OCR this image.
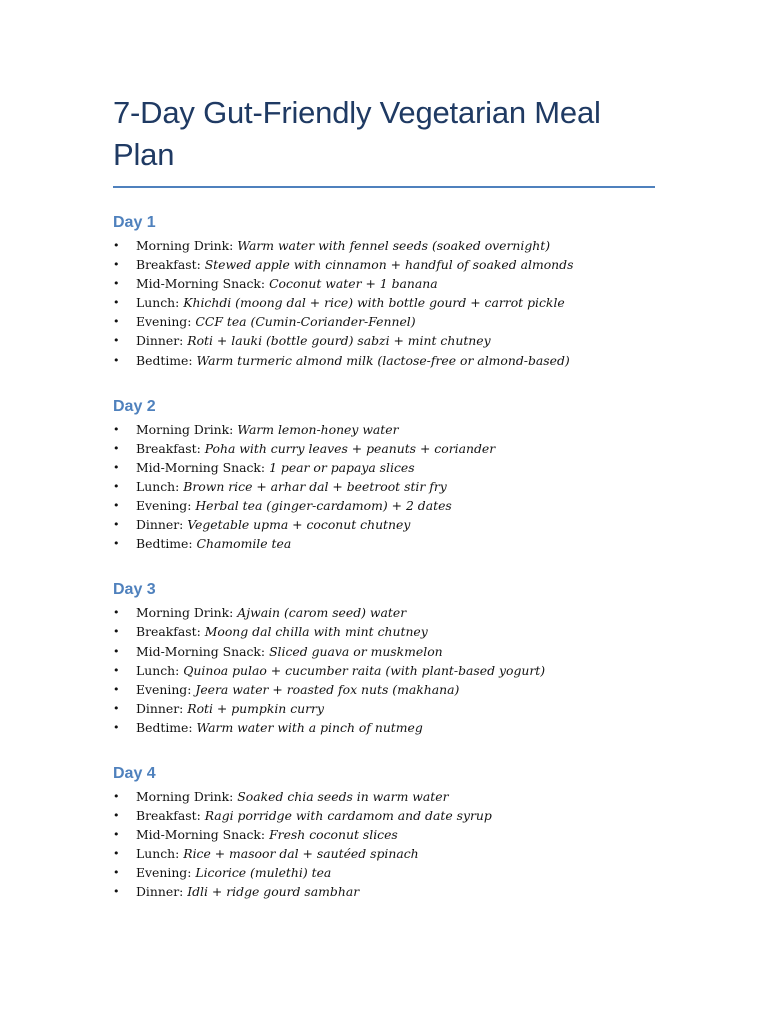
7-Day Gut-Friendly Vegetarian Meal Plan
Day 1
• Morning Drink: Warm water with fennel seeds (soaked overnight)
• Breakfast: Stewed apple with cinnamon + handful of soaked almonds
• Mid-Morning Snack: Coconut water + 1 banana
• Lunch: Khichdi (moong dal + rice) with bottle gourd + carrot pickle
• Evening: CCF tea (Cumin-Coriander-Fennel)
• Dinner: Roti + lauki (bottle gourd) sabzi + mint chutney
• Bedtime: Warm turmeric almond milk (lactose-free or almond-based)
Day 2
• Morning Drink: Warm lemon-honey water
• Breakfast: Poha with curry leaves + peanuts + coriander
• Mid-Morning Snack: 1 pear or papaya slices
• Lunch: Brown rice + arhar dal + beetroot stir fry
• Evening: Herbal tea (ginger-cardamom) + 2 dates
• Dinner: Vegetable upma + coconut chutney
• Bedtime: Chamomile tea
Day 3
• Morning Drink: Ajwain (carom seed) water
• Breakfast: Moong dal chilla with mint chutney
• Mid-Morning Snack: Sliced guava or muskmelon
• Lunch: Quinoa pulao + cucumber raita (with plant-based yogurt)
• Evening: Jeera water + roasted fox nuts (makhana)
• Dinner: Roti + pumpkin curry
• Bedtime: Warm water with a pinch of nutmeg
Day 4
• Morning Drink: Soaked chia seeds in warm water
• Breakfast: Ragi porridge with cardamom and date syrup
• Mid-Morning Snack: Fresh coconut slices
• Lunch: Rice + masoor dal + sautéed spinach
• Evening: Licorice (mulethi) tea
• Dinner: Idli + ridge gourd sambhar
